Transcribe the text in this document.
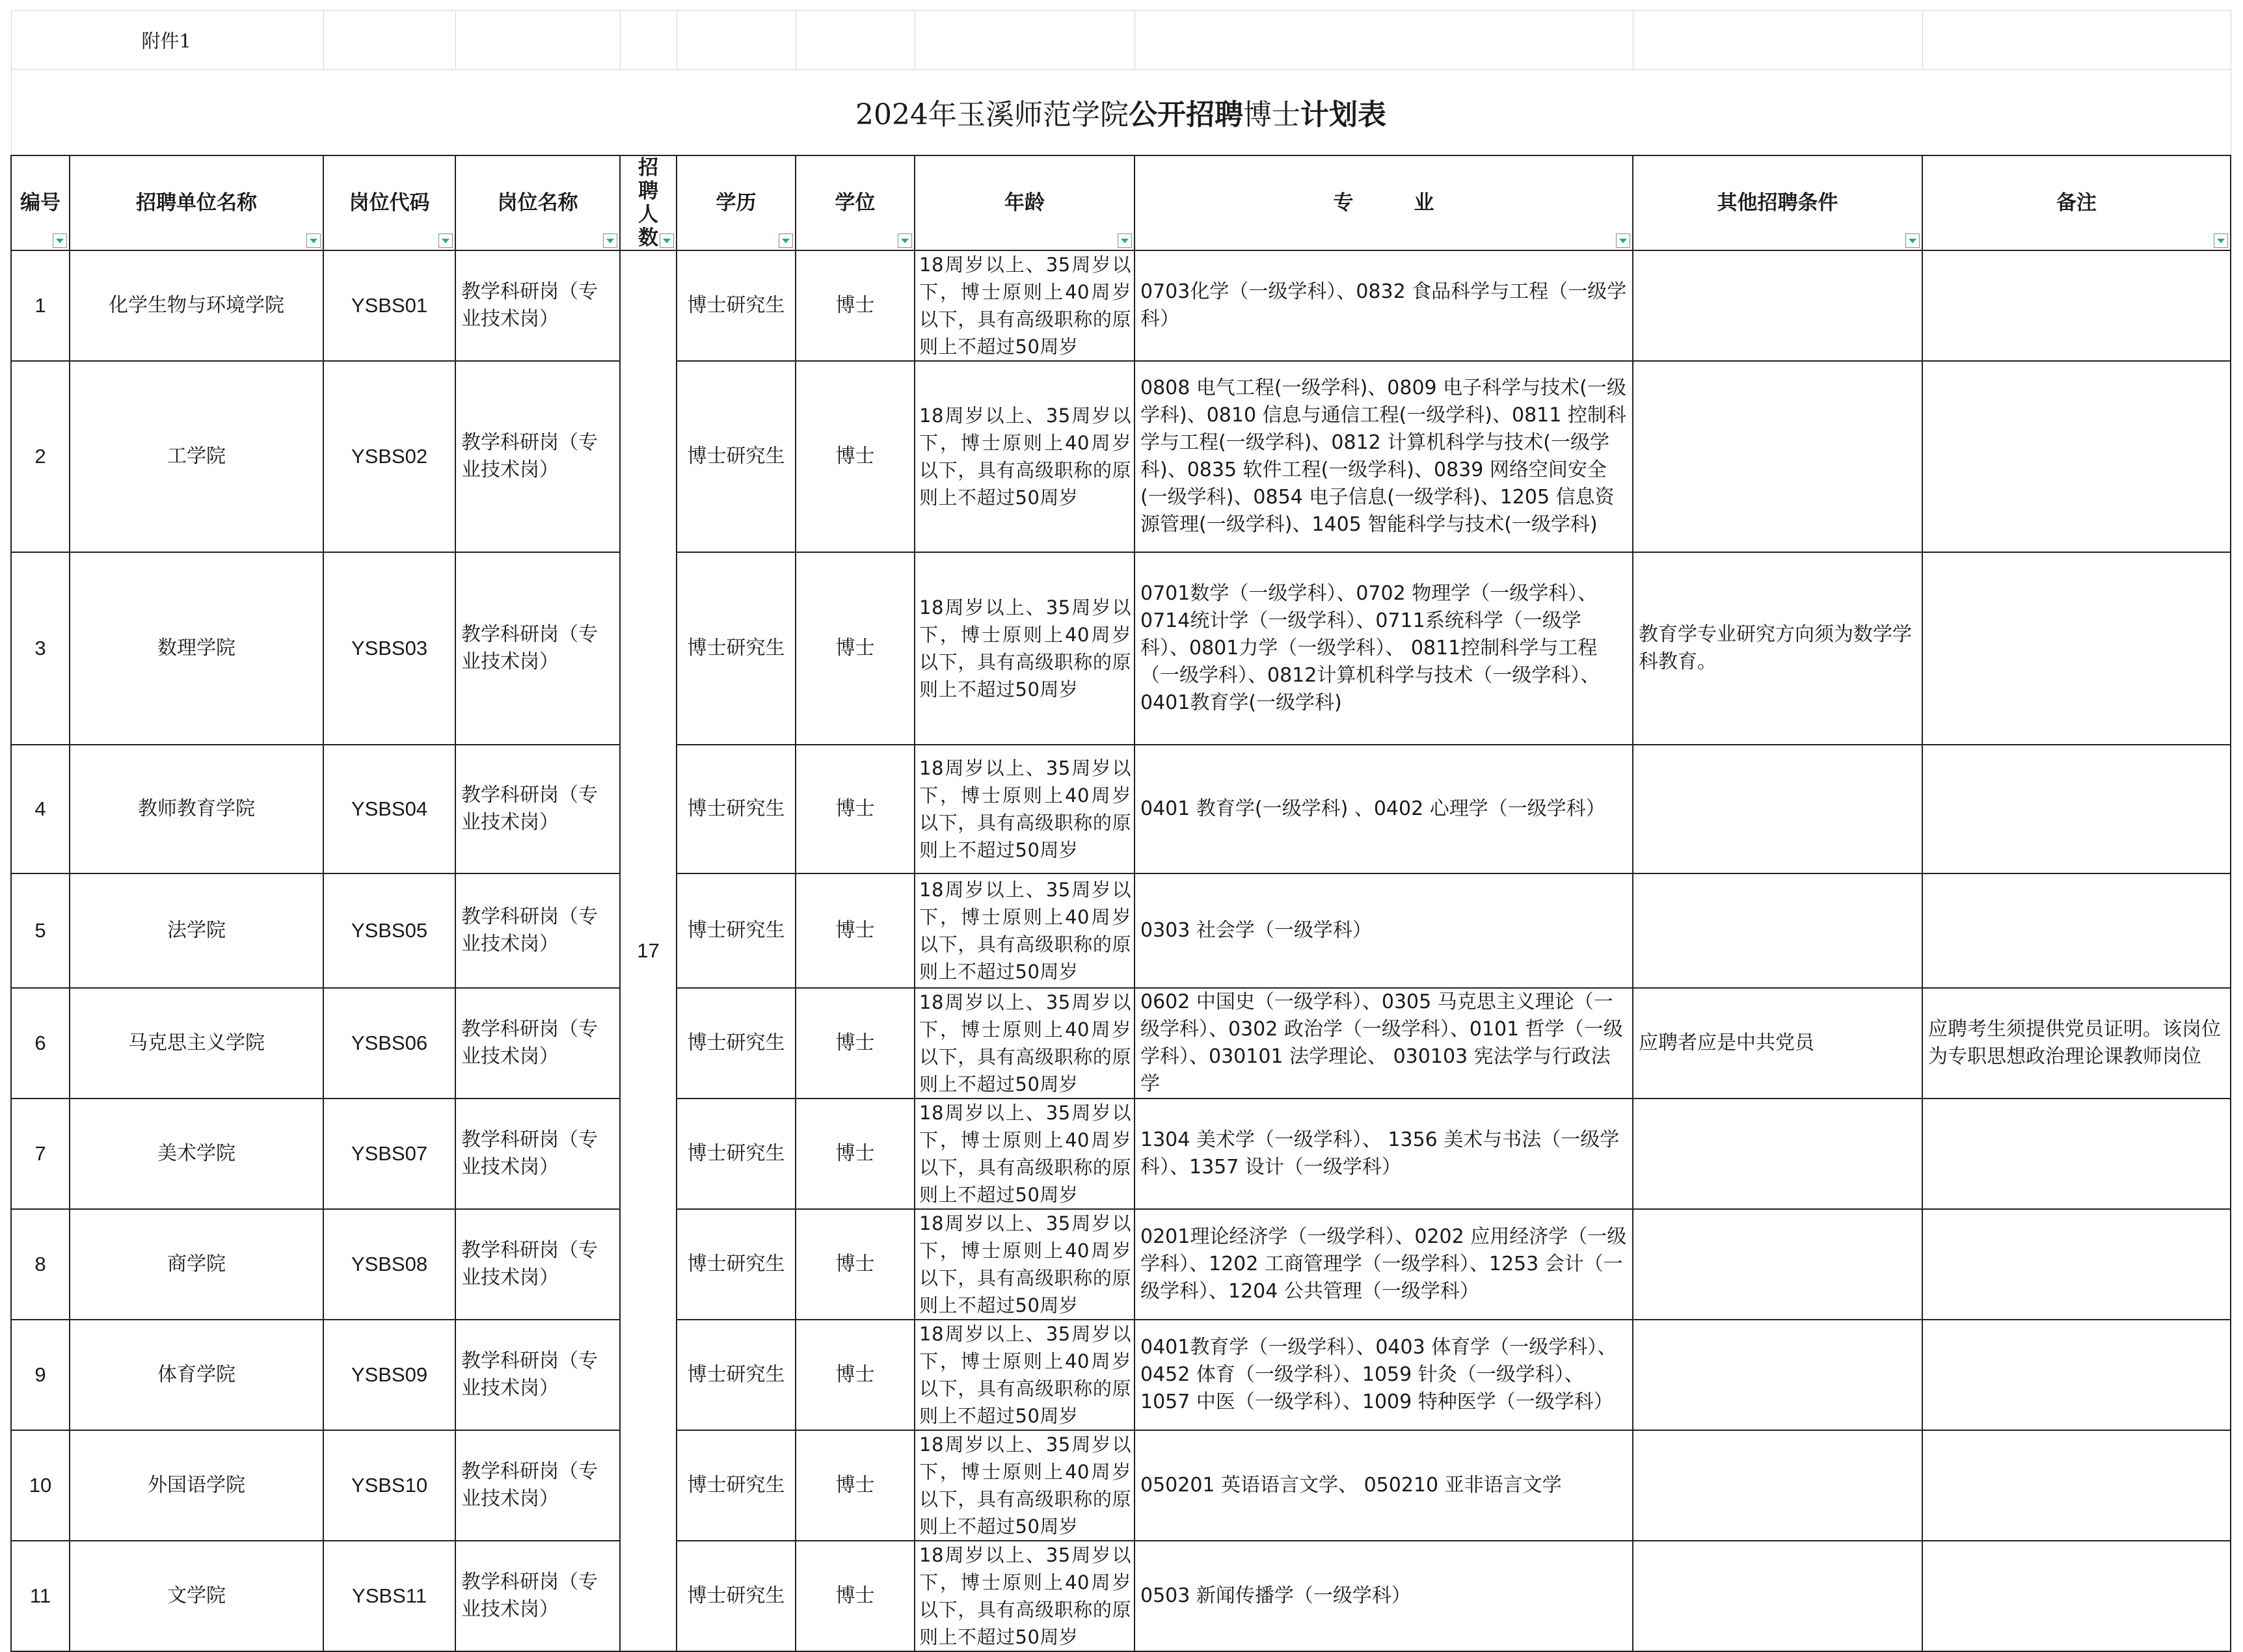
附件1										
2024年玉溪师范学院公开招聘博士计划表										
编号	招聘单位名称	岗位代码	岗位名称	招聘人数	学历	学位	年龄	专　　　业	其他招聘条件	备注

1	化学生物与环境学院	YSBS01	教学科研岗（专业技术岗）	17	博士研究生	博士	18周岁以上、35周岁以下，博士原则上40周岁以下，具有高级职称的原则上不超过50周岁	0703化学（一级学科）、0832 食品科学与工程（一级学科）		
2	工学院	YSBS02	教学科研岗（专业技术岗）		博士研究生	博士	18周岁以上、35周岁以下，博士原则上40周岁以下，具有高级职称的原则上不超过50周岁	0808 电气工程(一级学科)、0809 电子科学与技术(一级学科)、0810 信息与通信工程(一级学科)、0811 控制科学与工程(一级学科)、0812 计算机科学与技术(一级学科)、0835 软件工程(一级学科)、0839 网络空间安全(一级学科)、0854 电子信息(一级学科)、1205 信息资源管理(一级学科)、1405 智能科学与技术(一级学科)		
3	数理学院	YSBS03	教学科研岗（专业技术岗）		博士研究生	博士	18周岁以上、35周岁以下，博士原则上40周岁以下，具有高级职称的原则上不超过50周岁	0701数学（一级学科）、0702 物理学（一级学科）、0714统计学（一级学科）、0711系统科学（一级学科）、0801力学（一级学科）、 0811控制科学与工程（一级学科）、0812计算机科学与技术（一级学科）、 0401教育学(一级学科)	教育学专业研究方向须为数学学科教育。	
4	教师教育学院	YSBS04	教学科研岗（专业技术岗）		博士研究生	博士	18周岁以上、35周岁以下，博士原则上40周岁以下，具有高级职称的原则上不超过50周岁	0401 教育学(一级学科) 、0402 心理学（一级学科）		
5	法学院	YSBS05	教学科研岗（专业技术岗）		博士研究生	博士	18周岁以上、35周岁以下，博士原则上40周岁以下，具有高级职称的原则上不超过50周岁	0303 社会学（一级学科）		
6	马克思主义学院	YSBS06	教学科研岗（专业技术岗）		博士研究生	博士	18周岁以上、35周岁以下，博士原则上40周岁以下，具有高级职称的原则上不超过50周岁	0602 中国史（一级学科）、0305 马克思主义理论（一级学科）、0302 政治学（一级学科）、0101 哲学（一级学科）、030101 法学理论、 030103 宪法学与行政法学	应聘者应是中共党员	应聘考生须提供党员证明。该岗位为专职思想政治理论课教师岗位
7	美术学院	YSBS07	教学科研岗（专业技术岗）		博士研究生	博士	18周岁以上、35周岁以下，博士原则上40周岁以下，具有高级职称的原则上不超过50周岁	1304 美术学（一级学科）、 1356 美术与书法（一级学科）、1357 设计（一级学科）		
8	商学院	YSBS08	教学科研岗（专业技术岗）		博士研究生	博士	18周岁以上、35周岁以下，博士原则上40周岁以下，具有高级职称的原则上不超过50周岁	0201理论经济学（一级学科）、0202 应用经济学（一级学科）、1202 工商管理学（一级学科）、1253 会计（一级学科）、1204 公共管理（一级学科）		
9	体育学院	YSBS09	教学科研岗（专业技术岗）		博士研究生	博士	18周岁以上、35周岁以下，博士原则上40周岁以下，具有高级职称的原则上不超过50周岁	0401教育学（一级学科）、0403 体育学（一级学科）、0452 体育（一级学科）、1059 针灸（一级学科）、1057 中医（一级学科）、1009 特种医学（一级学科）		
10	外国语学院	YSBS10	教学科研岗（专业技术岗）		博士研究生	博士	18周岁以上、35周岁以下，博士原则上40周岁以下，具有高级职称的原则上不超过50周岁	050201 英语语言文学、 050210 亚非语言文学		
11	文学院	YSBS11	教学科研岗（专业技术岗）		博士研究生	博士	18周岁以上、35周岁以下，博士原则上40周岁以下，具有高级职称的原则上不超过50周岁	0503 新闻传播学（一级学科）		
